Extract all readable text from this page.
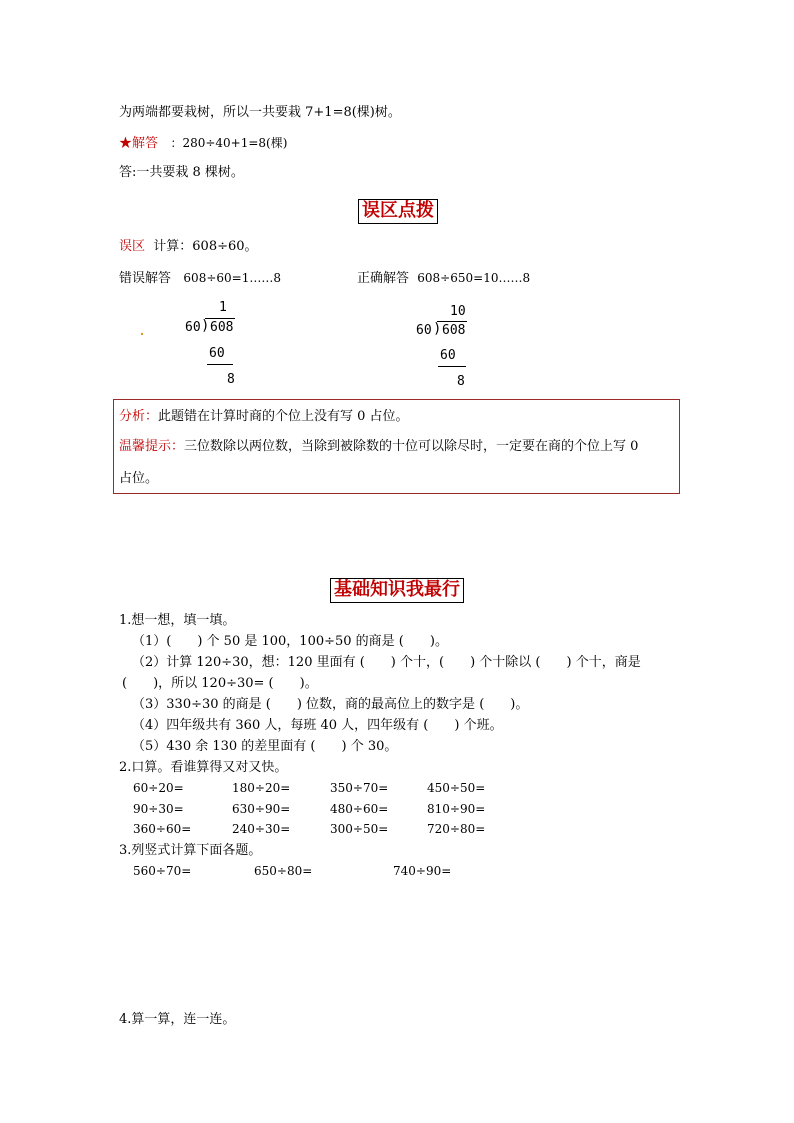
为两端都要栽树，所以一共要栽 7+1=8(棵)树。
★解答 ：280÷40+1=8(棵)
答:一共要栽 8 棵树。
误区点拨
误区 计算：608÷60。
错误解答 608÷60=1……8	正确解答 608÷650=10……8
1
60 ) 608
60
8
10
60 ) 608
60
8
分析：此题错在计算时商的个位上没有写 0 占位。
温馨提示：三位数除以两位数，当除到被除数的十位可以除尽时，一定要在商的个位上写 0
占位。
基础知识我最行
1.想一想，填一填。
（1）(　　) 个 50 是 100，100÷50 的商是 (　　)。
（2）计算 120÷30，想：120 里面有 (　　) 个十，(　　) 个十除以 (　　) 个十，商是
(　　)，所以 120÷30= (　　)。
（3）330÷30 的商是 (　　) 位数，商的最高位上的数字是 (　　)。
（4）四年级共有 360 人，每班 40 人，四年级有 (　　) 个班。
（5）430 余 130 的差里面有 (　　) 个 30。
2.口算。看谁算得又对又快。
60÷20=	180÷20=	350÷70=	450÷50=
90÷30=	630÷90=	480÷60=	810÷90=
360÷60=	240÷30=	300÷50=	720÷80=
3.列竖式计算下面各题。
560÷70=	650÷80=	740÷90=
4.算一算，连一连。
